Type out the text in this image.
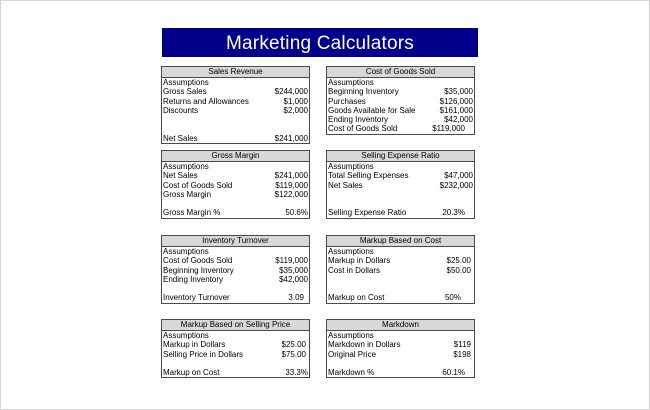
Marketing Calculators
Sales Revenue
Assumptions
Gross Sales	$244,000
Returns and Allowances	$1,000
Discounts	$2,000
Net Sales	$241,000
Cost of Goods Sold
Assumptions
Beginning Inventory	$35,000
Purchases	$126,000
Goods Available for Sale	$161,000
Ending Inventory	$42,000
Cost of Goods Sold	$119,000
Gross Margin
Assumptions
Net Sales	$241,000
Cost of Goods Sold	$119,000
Gross Margin	$122,000
Gross Margin %	50.6%
Selling Expense Ratio
Assumptions
Total Selling Expenses	$47,000
Net Sales	$232,000
Selling Expense Ratio	20.3%
Inventory Turnover
Assumptions
Cost of Goods Sold	$119,000
Beginning Inventory	$35,000
Ending Inventory	$42,000
Inventory Turnover	3.09
Markup Based on Cost
Assumptions
Markup in Dollars	$25.00
Cost in Dollars	$50.00
Markup on Cost	50%
Markup Based on Selling Price
Assumptions
Markup in Dollars	$25.00
Selling Price in Dollars	$75.00
Markup on Cost	33.3%
Markdown
Assumptions
Markdown in Dollars	$119
Original Price	$198
Markdown %	60.1%
